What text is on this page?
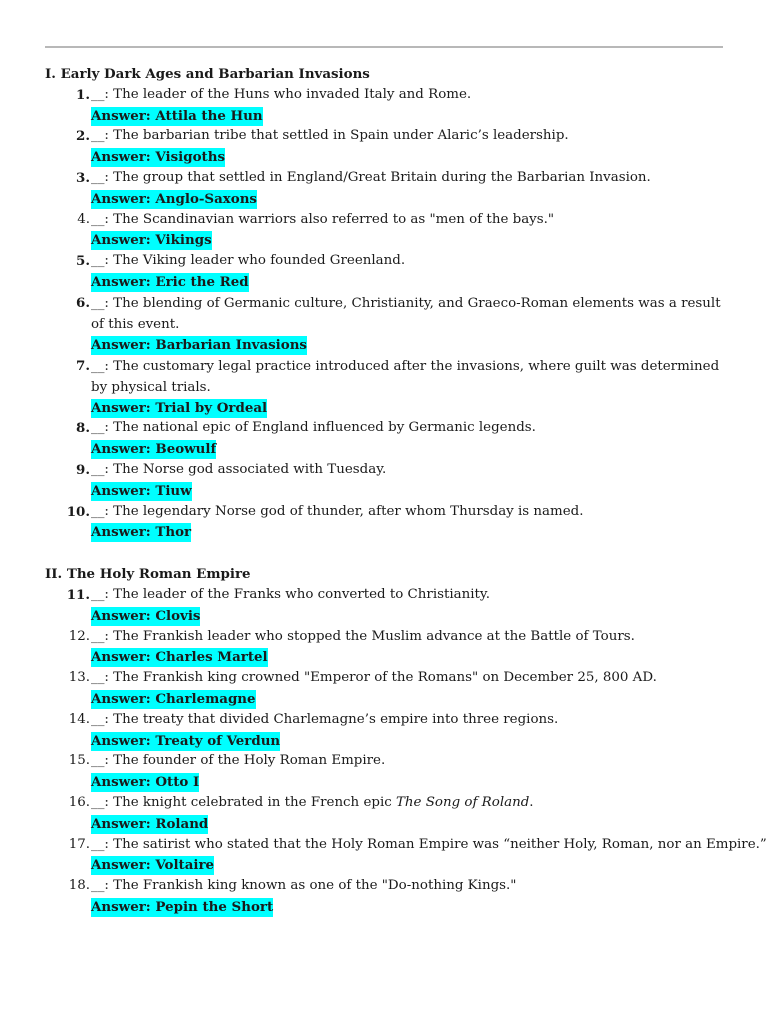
I. Early Dark Ages and Barbarian Invasions
1. __: The leader of the Huns who invaded Italy and Rome.
Answer: Attila the Hun
2. __: The barbarian tribe that settled in Spain under Alaric’s leadership.
Answer: Visigoths
3. __: The group that settled in England/Great Britain during the Barbarian Invasion.
Answer: Anglo-Saxons
4. __: The Scandinavian warriors also referred to as "men of the bays."
Answer: Vikings
5. __: The Viking leader who founded Greenland.
Answer: Eric the Red
6. __: The blending of Germanic culture, Christianity, and Graeco-Roman elements was a result of this event.
Answer: Barbarian Invasions
7. __: The customary legal practice introduced after the invasions, where guilt was determined by physical trials.
Answer: Trial by Ordeal
8. __: The national epic of England influenced by Germanic legends.
Answer: Beowulf
9. __: The Norse god associated with Tuesday.
Answer: Tiuw
10. __: The legendary Norse god of thunder, after whom Thursday is named.
Answer: Thor
II. The Holy Roman Empire
11. __: The leader of the Franks who converted to Christianity.
Answer: Clovis
12. __: The Frankish leader who stopped the Muslim advance at the Battle of Tours.
Answer: Charles Martel
13. __: The Frankish king crowned "Emperor of the Romans" on December 25, 800 AD.
Answer: Charlemagne
14. __: The treaty that divided Charlemagne’s empire into three regions.
Answer: Treaty of Verdun
15. __: The founder of the Holy Roman Empire.
Answer: Otto I
16. __: The knight celebrated in the French epic The Song of Roland.
Answer: Roland
17. __: The satirist who stated that the Holy Roman Empire was “neither Holy, Roman, nor an Empire.”
Answer: Voltaire
18. __: The Frankish king known as one of the "Do-nothing Kings."
Answer: Pepin the Short
